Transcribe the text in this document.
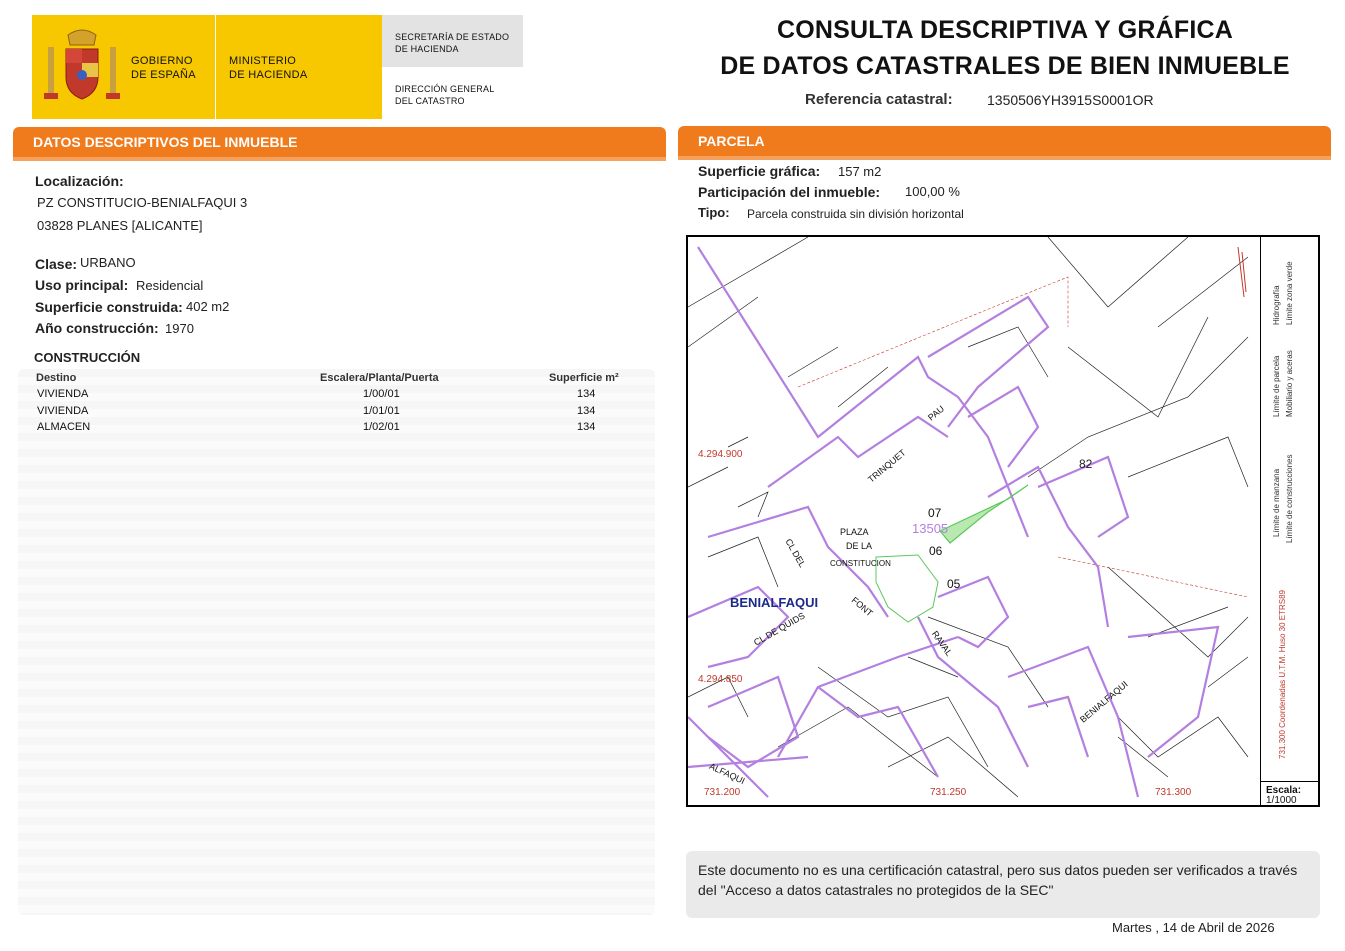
GOBIERNO
DE ESPAÑA
MINISTERIO
DE HACIENDA
SECRETARÍA DE ESTADO
DE HACIENDA
DIRECCIÓN GENERAL
DEL CATASTRO
CONSULTA DESCRIPTIVA Y GRÁFICA
DE DATOS CATASTRALES DE BIEN INMUEBLE
Referencia catastral: 1350506YH3915S0001OR
DATOS DESCRIPTIVOS DEL INMUEBLE
Localización:
PZ CONSTITUCIO-BENIALFAQUI 3
03828 PLANES [ALICANTE]
Clase: URBANO
Uso principal: Residencial
Superficie construida: 402 m2
Año construcción: 1970
CONSTRUCCIÓN
Destino	Escalera/Planta/Puerta	Superficie m²
VIVIENDA	1/00/01	134
VIVIENDA	1/01/01	134
ALMACEN	1/02/01	134
PARCELA
Superficie gráfica: 157 m2
Participación del inmueble: 100,00 %
Tipo: Parcela construida sin división horizontal
4.294.900
4.294.850
731.200	731.250	731.300
13505
82
PLAZA
DE LA
CONSTITUCION
BENIALFAQUI
06
05
07
BENIALFAQUI
ALFAQUI
PAU
FONT
RAVAL
CL DE QUIDS
CL DEL
TRINQUET
Límite de manzana Límite de construcciones
Límite de parcela Mobiliario y aceras
Hidrografía Límite zona verde
731.300 Coordenadas U.T.M. Huso 30 ETRS89
Escala:
1/1000
Este documento no es una certificación catastral, pero sus datos pueden ser verificados a través del "Acceso a datos catastrales no protegidos de la SEC"
Martes , 14 de Abril de 2026
